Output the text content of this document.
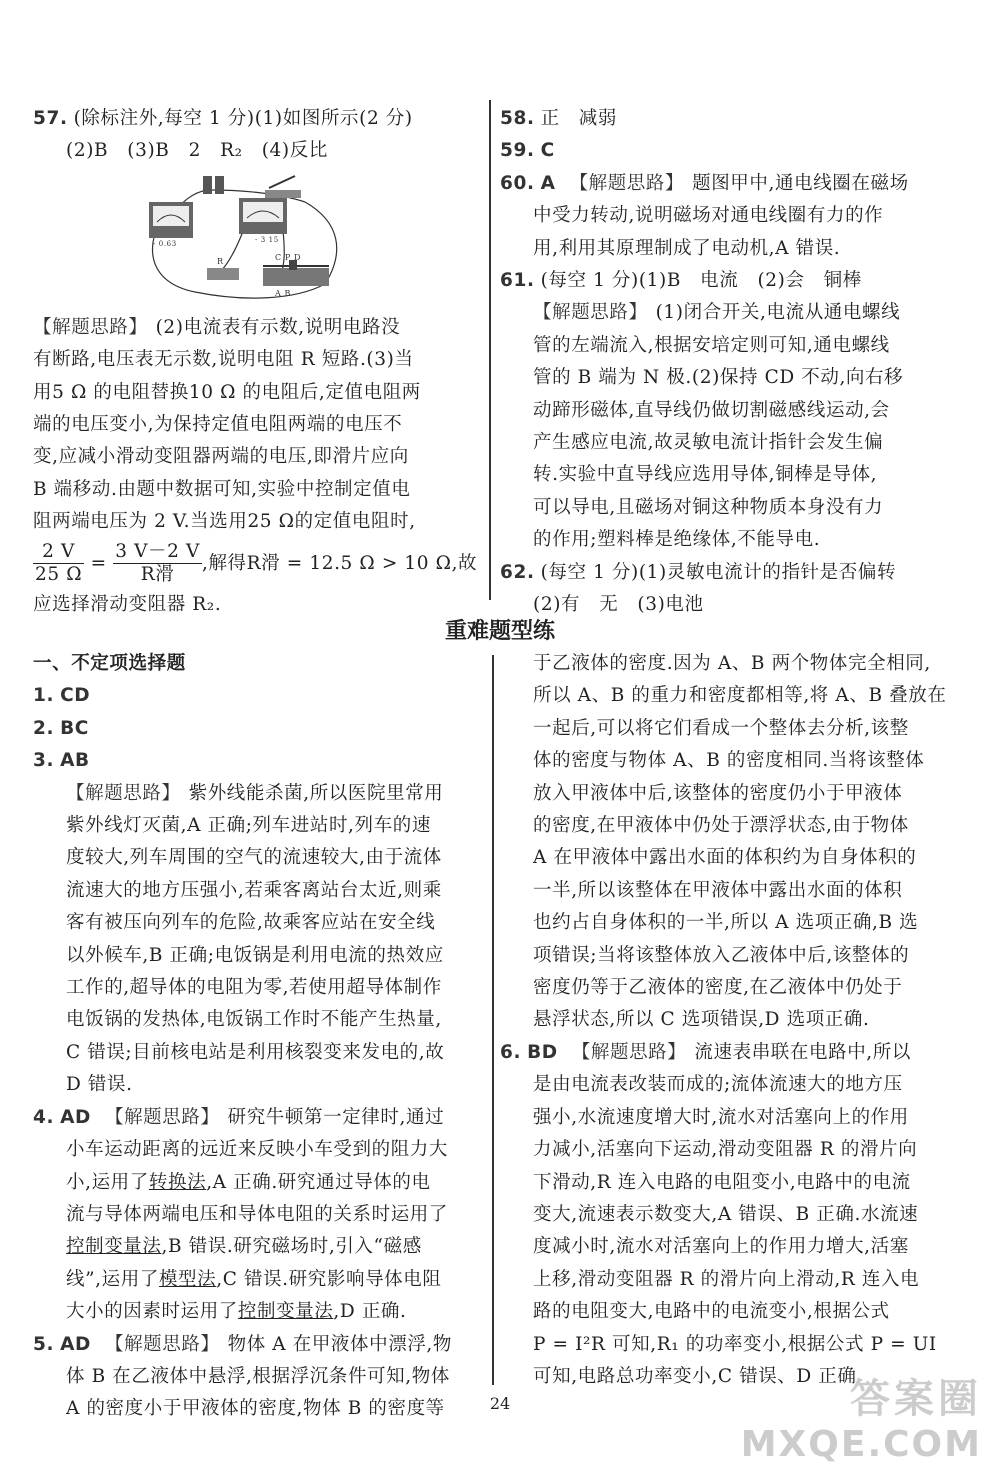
57. (除标注外,每空 1 分)(1)如图所示(2 分)

(2)B　(3)B　2　R₂　(4)反比

- 0.63	- 3 15
R	C P D
A B

【解题思路】 (2)电流表有示数,说明电路没

有断路,电压表无示数,说明电阻 R 短路.(3)当

用5 Ω 的电阻替换10 Ω 的电阻后,定值电阻两

端的电压变小,为保持定值电阻两端的电压不

变,应减小滑动变阻器两端的电压,即滑片应向

B 端移动.由题中数据可知,实验中控制定值电

阻两端电压为 2 V.当选用25 Ω的定值电阻时,

$\frac{2 V}{25 \Omega} = \frac{3 V-2 V}{\text{R滑}}$ ,解得R滑 = 12.5 Ω > 10 Ω,故

应选择滑动变阻器 R₂.

58. 正　减弱

59. C

60. A 【解题思路】 题图甲中,通电线圈在磁场

中受力转动,说明磁场对通电线圈有力的作

用,利用其原理制成了电动机,A 错误.

61. (每空 1 分)(1)B　电流　(2)会　铜棒

【解题思路】 (1)闭合开关,电流从通电螺线

管的左端流入,根据安培定则可知,通电螺线

管的 B 端为 N 极.(2)保持 CD 不动,向右移

动蹄形磁体,直导线仍做切割磁感线运动,会

产生感应电流,故灵敏电流计指针会发生偏

转.实验中直导线应选用导体,铜棒是导体,

可以导电,且磁场对铜这种物质本身没有力

的作用;塑料棒是绝缘体,不能导电.

62. (每空 1 分)(1)灵敏电流计的指针是否偏转

(2)有　无　(3)电池

重难题型练

一、不定项选择题

1. CD

2. BC

3. AB

【解题思路】 紫外线能杀菌,所以医院里常用

紫外线灯灭菌,A 正确;列车进站时,列车的速

度较大,列车周围的空气的流速较大,由于流体

流速大的地方压强小,若乘客离站台太近,则乘

客有被压向列车的危险,故乘客应站在安全线

以外候车,B 正确;电饭锅是利用电流的热效应

工作的,超导体的电阻为零,若使用超导体制作

电饭锅的发热体,电饭锅工作时不能产生热量,

C 错误;目前核电站是利用核裂变来发电的,故

D 错误.

4. AD 【解题思路】 研究牛顿第一定律时,通过

小车运动距离的远近来反映小车受到的阻力大

小,运用了转换法,A 正确.研究通过导体的电

流与导体两端电压和导体电阻的关系时运用了

控制变量法,B 错误.研究磁场时,引入“磁感

线”,运用了模型法,C 错误.研究影响导体电阻

大小的因素时运用了控制变量法,D 正确.

5. AD 【解题思路】 物体 A 在甲液体中漂浮,物

体 B 在乙液体中悬浮,根据浮沉条件可知,物体

A 的密度小于甲液体的密度,物体 B 的密度等

于乙液体的密度.因为 A、B 两个物体完全相同,

所以 A、B 的重力和密度都相等,将 A、B 叠放在

一起后,可以将它们看成一个整体去分析,该整

体的密度与物体 A、B 的密度相同.当将该整体

放入甲液体中后,该整体的密度仍小于甲液体

的密度,在甲液体中仍处于漂浮状态,由于物体

A 在甲液体中露出水面的体积约为自身体积的

一半,所以该整体在甲液体中露出水面的体积

也约占自身体积的一半,所以 A 选项正确,B 选

项错误;当将该整体放入乙液体中后,该整体的

密度仍等于乙液体的密度,在乙液体中仍处于

悬浮状态,所以 C 选项错误,D 选项正确.

6. BD 【解题思路】 流速表串联在电路中,所以

是由电流表改装而成的;流体流速大的地方压

强小,水流速度增大时,流水对活塞向上的作用

力减小,活塞向下运动,滑动变阻器 R 的滑片向

下滑动,R 连入电路的电阻变小,电路中的电流

变大,流速表示数变大,A 错误、B 正确.水流速

度减小时,流水对活塞向上的作用力增大,活塞

上移,滑动变阻器 R 的滑片向上滑动,R 连入电

路的电阻变大,电路中的电流变小,根据公式

P = I²R 可知,R₁ 的功率变小,根据公式 P = UI

可知,电路总功率变小,C 错误、D 正确.

24	答案圈
MXQE.COM
